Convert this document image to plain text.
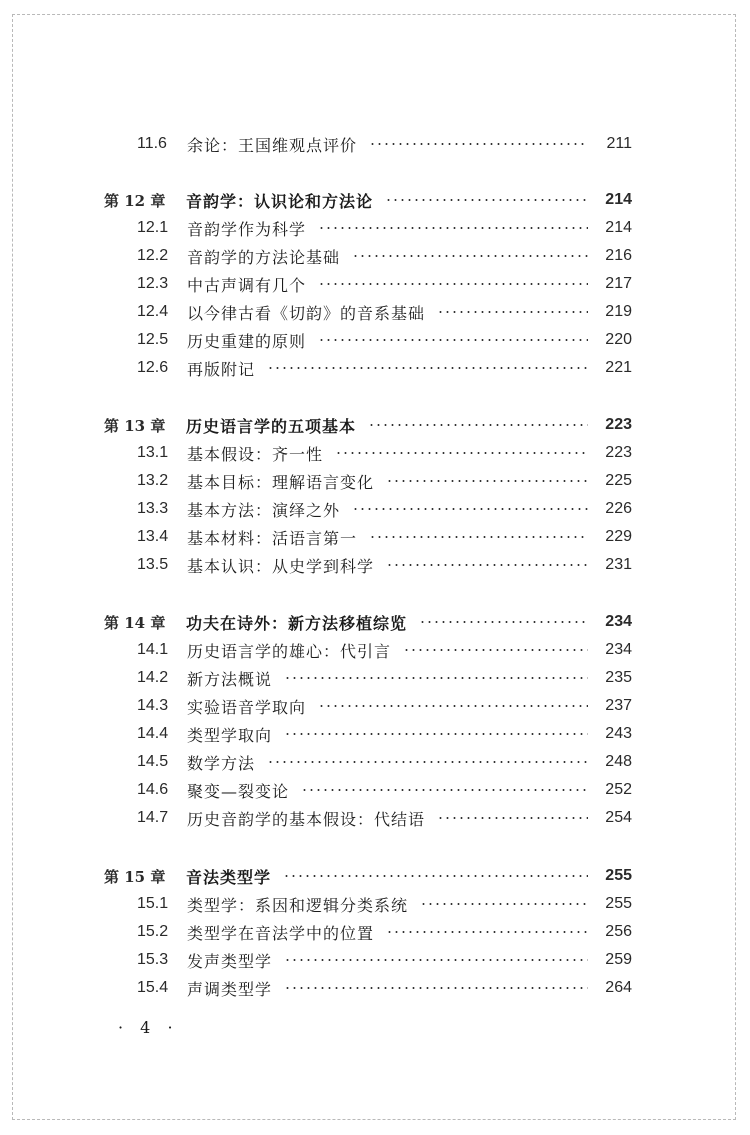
11.6	余论：王国维观点评价	211
第 12 章	音韵学：认识论和方法论	214
12.1	音韵学作为科学	214
12.2	音韵学的方法论基础	216
12.3	中古声调有几个	217
12.4	以今律古看《切韵》的音系基础	219
12.5	历史重建的原则	220
12.6	再版附记	221
第 13 章	历史语言学的五项基本	223
13.1	基本假设：齐一性	223
13.2	基本目标：理解语言变化	225
13.3	基本方法：演绎之外	226
13.4	基本材料：活语言第一	229
13.5	基本认识：从史学到科学	231
第 14 章	功夫在诗外：新方法移植综览	234
14.1	历史语言学的雄心：代引言	234
14.2	新方法概说	235
14.3	实验语音学取向	237
14.4	类型学取向	243
14.5	数学方法	248
14.6	聚变—裂变论	252
14.7	历史音韵学的基本假设：代结语	254
第 15 章	音法类型学	255
15.1	类型学：系因和逻辑分类系统	255
15.2	类型学在音法学中的位置	256
15.3	发声类型学	259
15.4	声调类型学	264
· 4 ·
